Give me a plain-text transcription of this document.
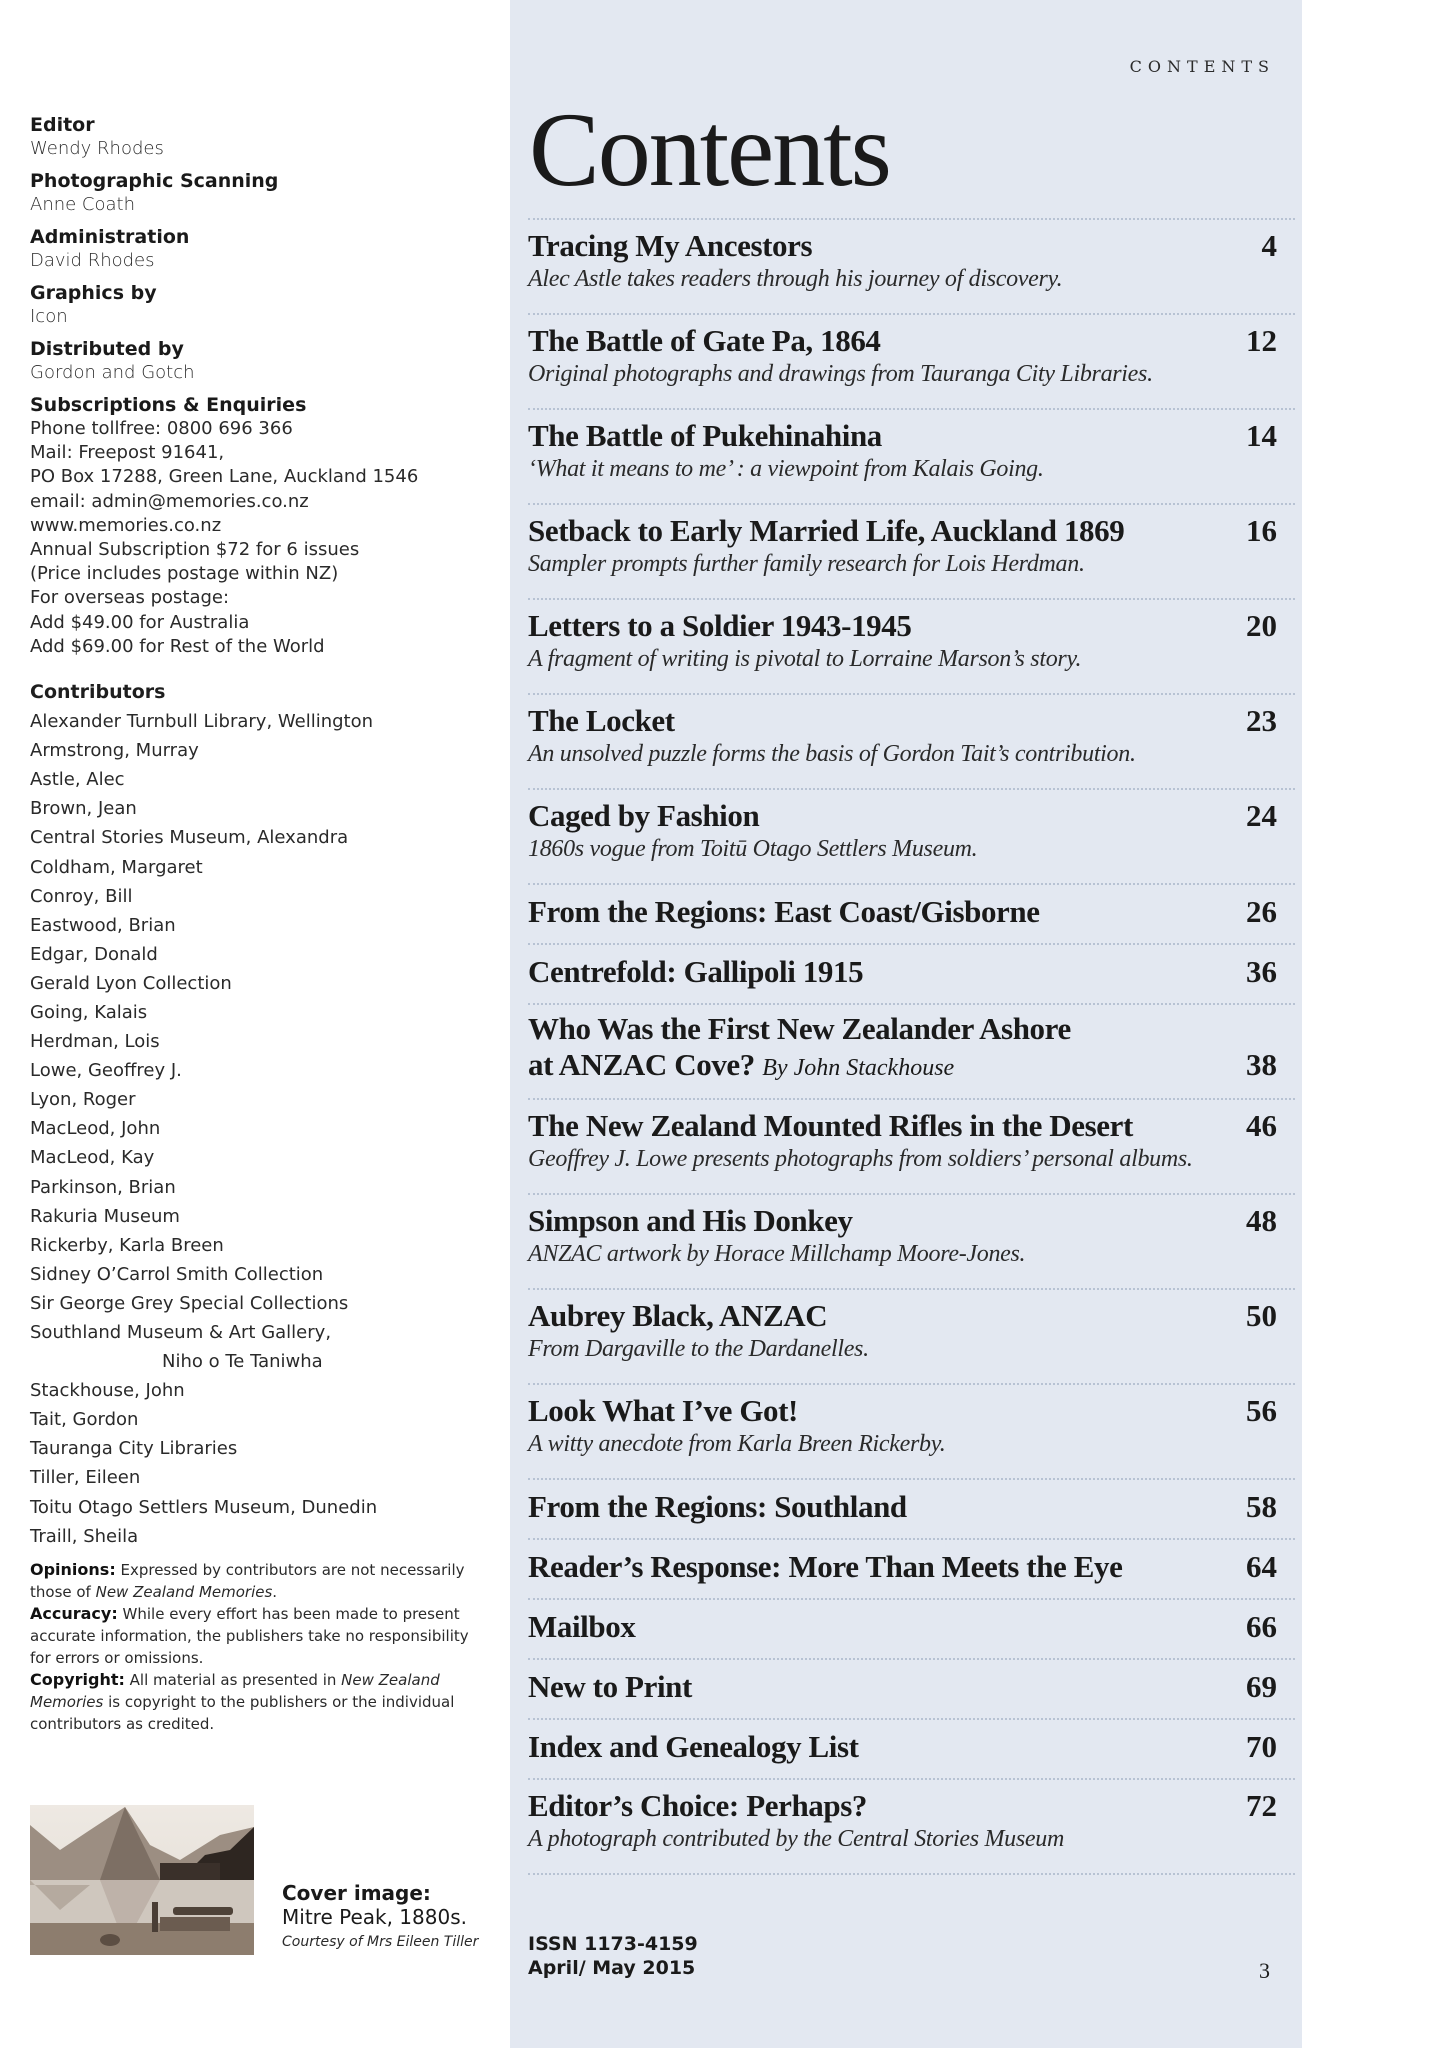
Editor
Wendy Rhodes
Photographic Scanning
Anne Coath
Administration
David Rhodes
Graphics by
Icon
Distributed by
Gordon and Gotch
Subscriptions & Enquiries
Phone tollfree: 0800 696 366
Mail: Freepost 91641,
PO Box 17288, Green Lane, Auckland 1546
email: admin@memories.co.nz
www.memories.co.nz
Annual Subscription $72 for 6 issues
(Price includes postage within NZ)
For overseas postage:
Add $49.00 for Australia
Add $69.00 for Rest of the World
Contributors
Alexander Turnbull Library, Wellington
Armstrong, Murray
Astle, Alec
Brown, Jean
Central Stories Museum, Alexandra
Coldham, Margaret
Conroy, Bill
Eastwood, Brian
Edgar, Donald
Gerald Lyon Collection
Going, Kalais
Herdman, Lois
Lowe, Geoffrey J.
Lyon, Roger
MacLeod, John
MacLeod, Kay
Parkinson, Brian
Rakuria Museum
Rickerby, Karla Breen
Sidney O’Carrol Smith Collection
Sir George Grey Special Collections
Southland Museum & Art Gallery,
Niho o Te Taniwha
Stackhouse, John
Tait, Gordon
Tauranga City Libraries
Tiller, Eileen
Toitu Otago Settlers Museum, Dunedin
Traill, Sheila
Opinions: Expressed by contributors are not necessarily those of New Zealand Memories.
Accuracy: While every effort has been made to present accurate information, the publishers take no responsibility for errors or omissions.
Copyright: All material as presented in New Zealand Memories is copyright to the publishers or the individual contributors as credited.
Cover image:
Mitre Peak, 1880s.
Courtesy of Mrs Eileen Tiller
CONTENTS
Contents
Tracing My Ancestors	4
Alec Astle takes readers through his journey of discovery.
The Battle of Gate Pa, 1864	12
Original photographs and drawings from Tauranga City Libraries.
The Battle of Pukehinahina	14
‘What it means to me’ : a viewpoint from Kalais Going.
Setback to Early Married Life, Auckland 1869	16
Sampler prompts further family research for Lois Herdman.
Letters to a Soldier 1943-1945	20
A fragment of writing is pivotal to Lorraine Marson’s story.
The Locket	23
An unsolved puzzle forms the basis of Gordon Tait’s contribution.
Caged by Fashion	24
1860s vogue from Toitū Otago Settlers Museum.
From the Regions: East Coast/Gisborne	26
Centrefold: Gallipoli 1915	36
Who Was the First New Zealander Ashore
at ANZAC Cove? By John Stackhouse	38
The New Zealand Mounted Rifles in the Desert	46
Geoffrey J. Lowe presents photographs from soldiers’ personal albums.
Simpson and His Donkey	48
ANZAC artwork by Horace Millchamp Moore-Jones.
Aubrey Black, ANZAC	50
From Dargaville to the Dardanelles.
Look What I’ve Got!	56
A witty anecdote from Karla Breen Rickerby.
From the Regions: Southland	58
Reader’s Response: More Than Meets the Eye	64
Mailbox	66
New to Print	69
Index and Genealogy List	70
Editor’s Choice: Perhaps?	72
A photograph contributed by the Central Stories Museum
ISSN 1173-4159
April/ May 2015	3
